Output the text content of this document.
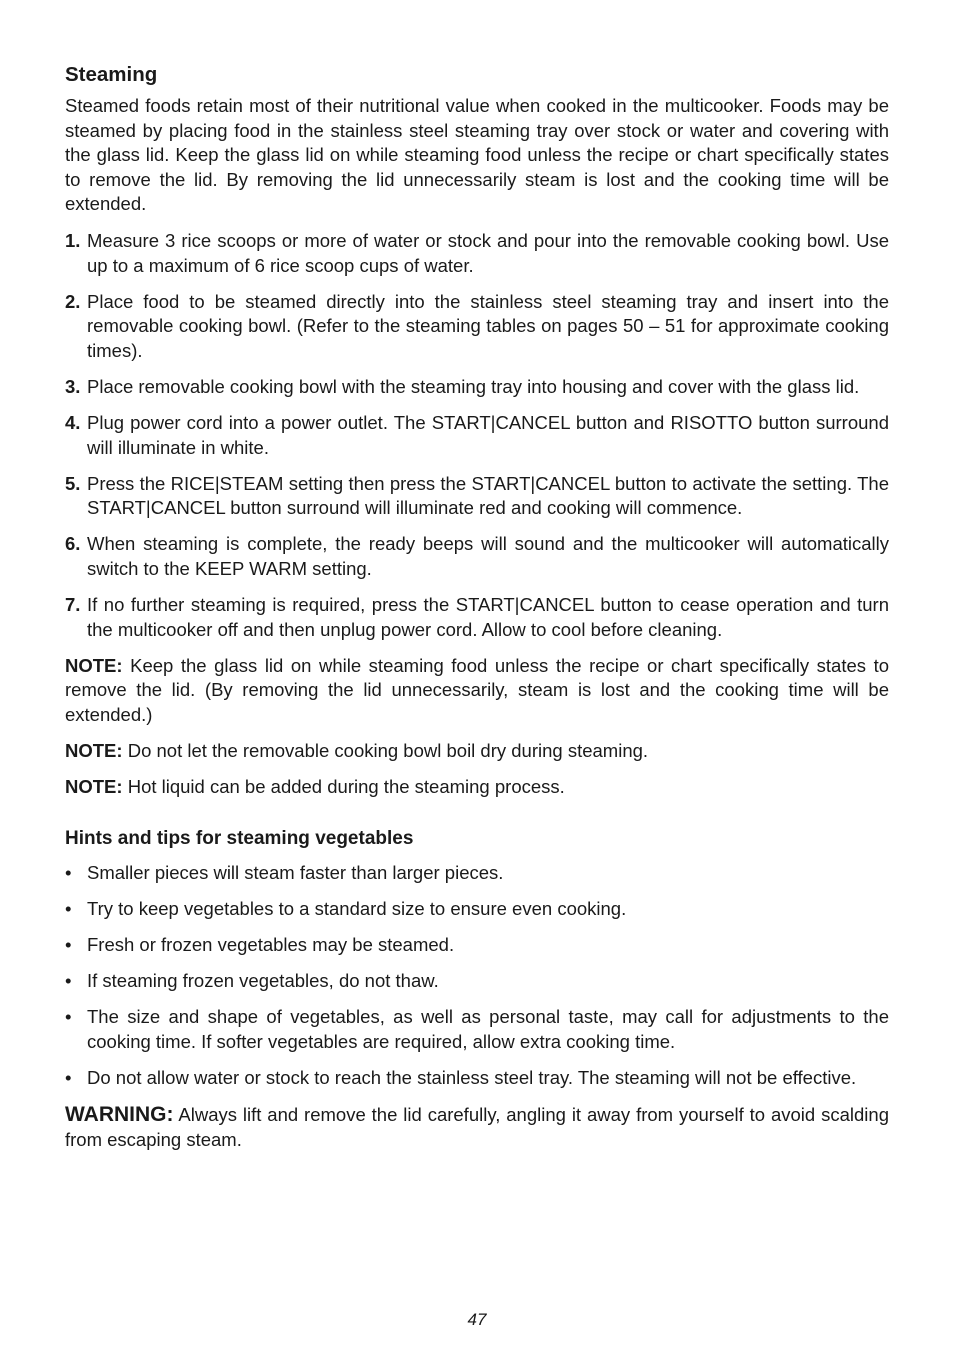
Steaming

Steamed foods retain most of their nutritional value when cooked in the multicooker. Foods may be steamed by placing food in the stainless steel steaming tray over stock or water and covering with the glass lid. Keep the glass lid on while steaming food unless the recipe or chart specifically states to remove the lid. By removing the lid unnecessarily steam is lost and the cooking time will be extended.

1. Measure 3 rice scoops or more of water or stock and pour into the removable cooking bowl. Use up to a maximum of 6 rice scoop cups of water.
2. Place food to be steamed directly into the stainless steel steaming tray and insert into the removable cooking bowl. (Refer to the steaming tables on pages 50 – 51 for approximate cooking times).
3. Place removable cooking bowl with the steaming tray into housing and cover with the glass lid.
4. Plug power cord into a power outlet. The START|CANCEL button and RISOTTO button surround will illuminate in white.
5. Press the RICE|STEAM setting then press the START|CANCEL button to activate the setting. The START|CANCEL button surround will illuminate red and cooking will commence.
6. When steaming is complete, the ready beeps will sound and the multicooker will automatically switch to the KEEP WARM setting.
7. If no further steaming is required, press the START|CANCEL button to cease operation and turn the multicooker off and then unplug power cord. Allow to cool before cleaning.

NOTE: Keep the glass lid on while steaming food unless the recipe or chart specifically states to remove the lid. (By removing the lid unnecessarily, steam is lost and the cooking time will be extended.)

NOTE: Do not let the removable cooking bowl boil dry during steaming.

NOTE: Hot liquid can be added during the steaming process.

Hints and tips for steaming vegetables
• Smaller pieces will steam faster than larger pieces.
• Try to keep vegetables to a standard size to ensure even cooking.
• Fresh or frozen vegetables may be steamed.
• If steaming frozen vegetables, do not thaw.
• The size and shape of vegetables, as well as personal taste, may call for adjustments to the cooking time. If softer vegetables are required, allow extra cooking time.
• Do not allow water or stock to reach the stainless steel tray. The steaming will not be effective.

WARNING: Always lift and remove the lid carefully, angling it away from yourself to avoid scalding from escaping steam.

47
